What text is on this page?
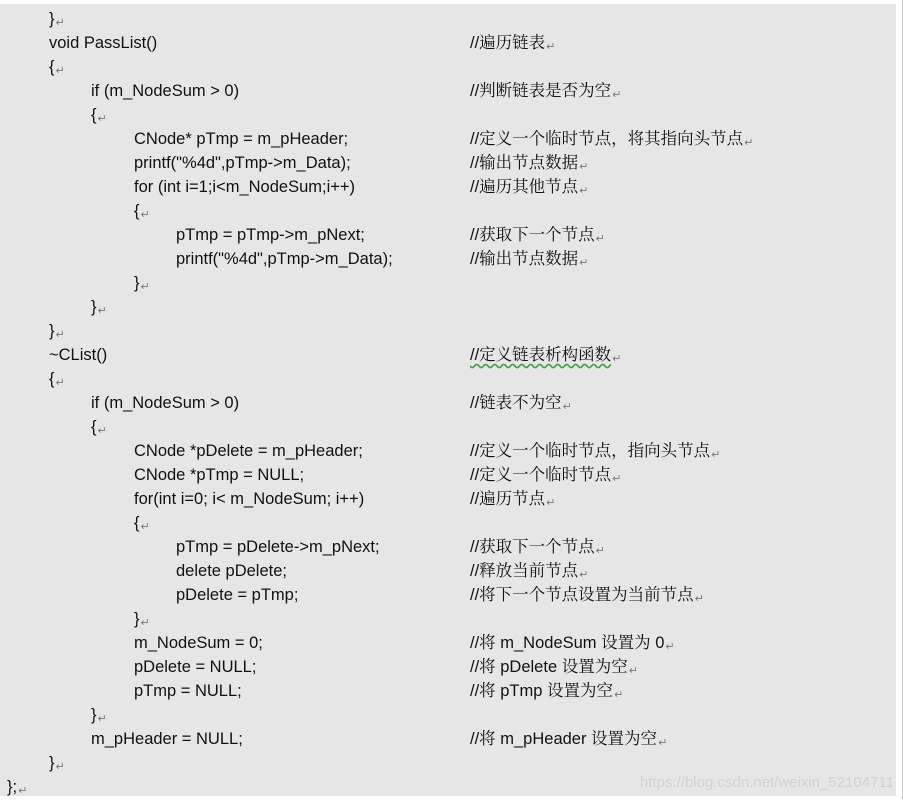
}↵
void PassList()	//遍历链表↵
{↵
if (m_NodeSum > 0)	//判断链表是否为空↵
{↵
CNode* pTmp = m_pHeader;	//定义一个临时节点，将其指向头节点↵
printf("%4d",pTmp->m_Data);	//输出节点数据↵
for (int i=1;i<m_NodeSum;i++)	//遍历其他节点↵
{↵
pTmp = pTmp->m_pNext;	//获取下一个节点↵
printf("%4d",pTmp->m_Data);	//输出节点数据↵
}↵
}↵
}↵
~CList()	//定义链表析构函数↵
{↵
if (m_NodeSum > 0)	//链表不为空↵
{↵
CNode *pDelete = m_pHeader;	//定义一个临时节点，指向头节点↵
CNode *pTmp = NULL;	//定义一个临时节点↵
for(int i=0; i< m_NodeSum; i++)	//遍历节点↵
{↵
pTmp = pDelete->m_pNext;	//获取下一个节点↵
delete pDelete;	//释放当前节点↵
pDelete = pTmp;	//将下一个节点设置为当前节点↵
}↵
m_NodeSum = 0;	//将 m_NodeSum 设置为 0↵
pDelete = NULL;	//将 pDelete 设置为空↵
pTmp = NULL;	//将 pTmp 设置为空↵
}↵
m_pHeader = NULL;	//将 m_pHeader 设置为空↵
}↵
};↵	https://blog.csdn.net/weixin_52104711
